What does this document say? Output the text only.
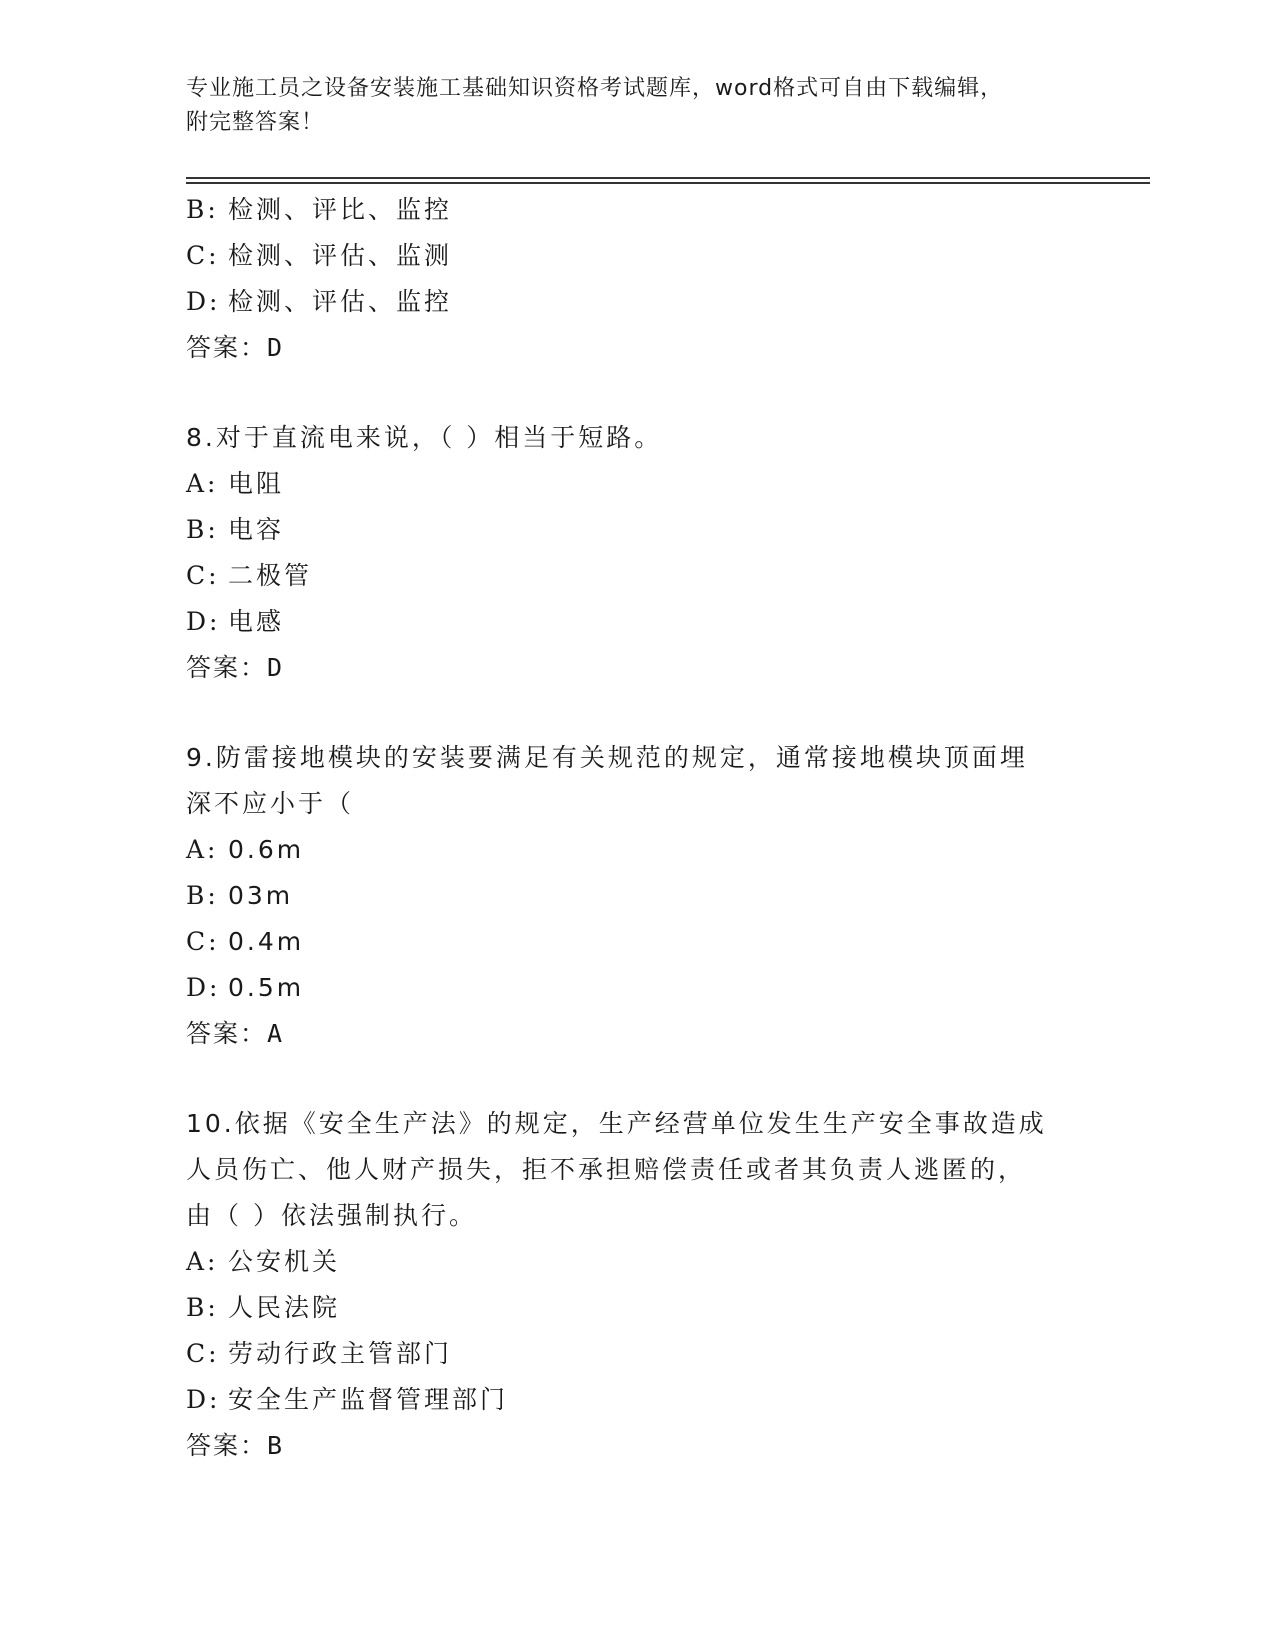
专业施工员之设备安装施工基础知识资格考试题库，word格式可自由下载编辑，
附完整答案！
B: 检测、评比、监控
C: 检测、评估、监测
D: 检测、评估、监控
答案：D
8.对于直流电来说，（ ）相当于短路。
A: 电阻
B: 电容
C: 二极管
D: 电感
答案：D
9.防雷接地模块的安装要满足有关规范的规定，通常接地模块顶面埋
深不应小于（
A: 0.6m
B: 03m
C: 0.4m
D: 0.5m
答案：A
10.依据《安全生产法》的规定，生产经营单位发生生产安全事故造成
人员伤亡、他人财产损失，拒不承担赔偿责任或者其负责人逃匿的，
由（ ）依法强制执行。
A: 公安机关
B: 人民法院
C: 劳动行政主管部门
D: 安全生产监督管理部门
答案：B
